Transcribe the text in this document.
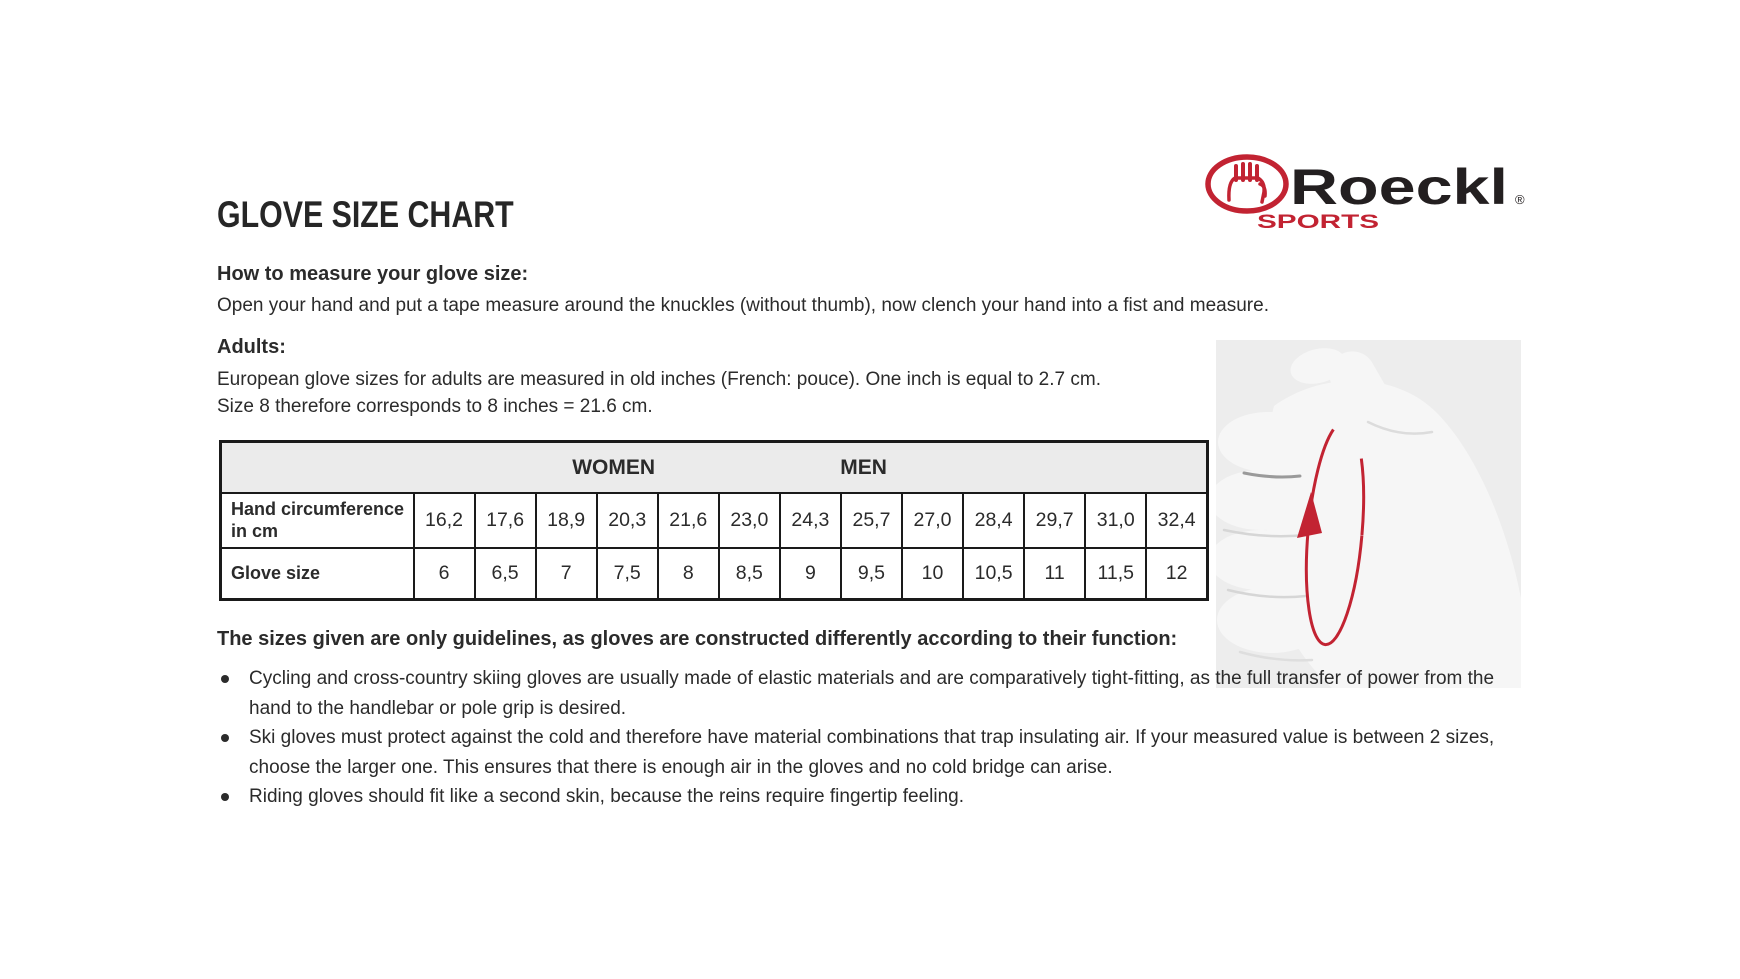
GLOVE SIZE CHART	Roeckl ®
SPORTS
How to measure your glove size:
Open your hand and put a tape measure around the knuckles (without thumb), now clench your hand into a fist and measure.
Adults:
European glove sizes for adults are measured in old inches (French: pouce). One inch is equal to 2.7 cm.
Size 8 therefore corresponds to 8 inches = 21.6 cm.
WOMEN MEN													

Hand circumference in cm	16,2	17,6	18,9	20,3	21,6	23,0	24,3	25,7	27,0	28,4	29,7	31,0	32,4
Glove size	6	6,5	7	7,5	8	8,5	9	9,5	10	10,5	11	11,5	12
The sizes given are only guidelines, as gloves are constructed differently according to their function:
Cycling and cross-country skiing gloves are usually made of elastic materials and are comparatively tight-fitting, as the full transfer of power from the hand to the handlebar or pole grip is desired.
Ski gloves must protect against the cold and therefore have material combinations that trap insulating air. If your measured value is between 2 sizes, choose the larger one. This ensures that there is enough air in the gloves and no cold bridge can arise.
Riding gloves should fit like a second skin, because the reins require fingertip feeling.
